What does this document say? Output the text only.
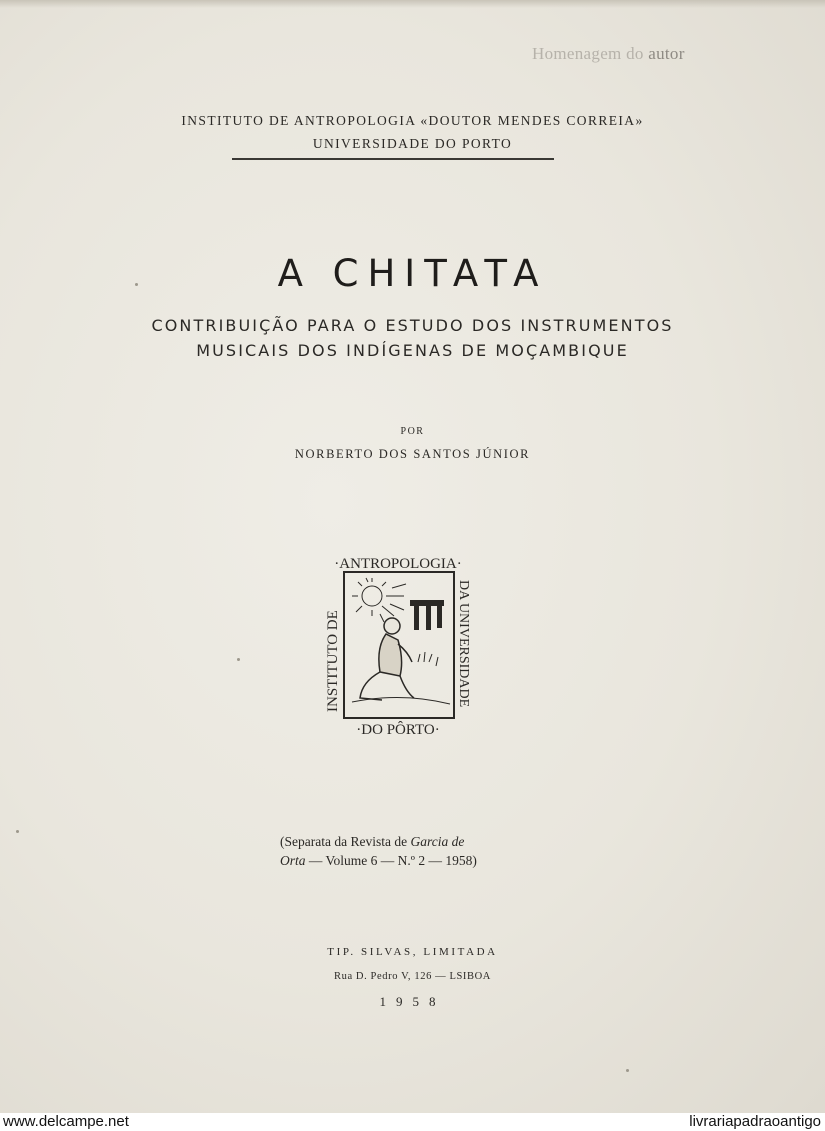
Homenagem do autor
INSTITUTO DE ANTROPOLOGIA «DOUTOR MENDES CORREIA»
UNIVERSIDADE DO PORTO
A CHITATA
CONTRIBUIÇÃO PARA O ESTUDO DOS INSTRUMENTOS
MUSICAIS DOS INDÍGENAS DE MOÇAMBIQUE
POR
NORBERTO DOS SANTOS JÚNIOR
·ANTROPOLOGIA·
·DO PÔRTO·
INSTITUTO DE	DA UNIVERSIDADE
(Separata da Revista de Garcia de
Orta — Volume 6 — N.º 2 — 1958)
TIP. SILVAS, LIMITADA
Rua D. Pedro V, 126 — LSIBOA
1958
www.delcampe.net	livrariapadraoantigo
